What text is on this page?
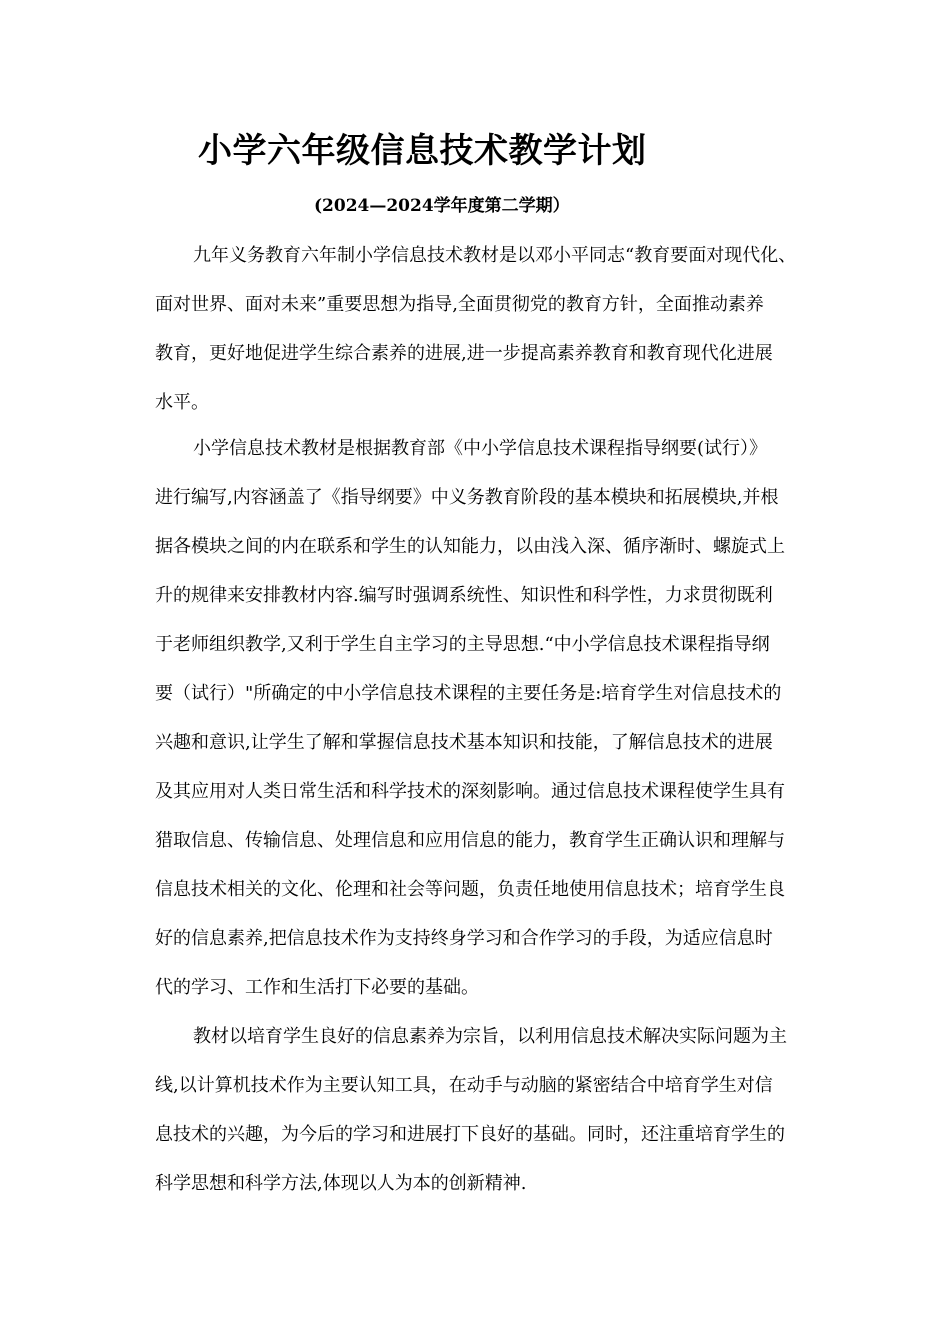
小学六年级信息技术教学计划
(2024—2024学年度第二学期）
九年义务教育六年制小学信息技术教材是以邓小平同志“教育要面对现代化、
面对世界、面对未来”重要思想为指导,全面贯彻党的教育方针，全面推动素养
教育，更好地促进学生综合素养的进展,进一步提高素养教育和教育现代化进展
水平。
小学信息技术教材是根据教育部《中小学信息技术课程指导纲要(试行）》
进行编写,内容涵盖了《指导纲要》中义务教育阶段的基本模块和拓展模块,并根
据各模块之间的内在联系和学生的认知能力，以由浅入深、循序渐时、螺旋式上
升的规律来安排教材内容.编写时强调系统性、知识性和科学性，力求贯彻既利
于老师组织教学,又利于学生自主学习的主导思想.“中小学信息技术课程指导纲
要（试行）"所确定的中小学信息技术课程的主要任务是:培育学生对信息技术的
兴趣和意识,让学生了解和掌握信息技术基本知识和技能，了解信息技术的进展
及其应用对人类日常生活和科学技术的深刻影响。通过信息技术课程使学生具有
猎取信息、传输信息、处理信息和应用信息的能力，教育学生正确认识和理解与
信息技术相关的文化、伦理和社会等问题，负责任地使用信息技术；培育学生良
好的信息素养,把信息技术作为支持终身学习和合作学习的手段，为适应信息时
代的学习、工作和生活打下必要的基础。
教材以培育学生良好的信息素养为宗旨，以利用信息技术解决实际问题为主
线,以计算机技术作为主要认知工具，在动手与动脑的紧密结合中培育学生对信
息技术的兴趣，为今后的学习和进展打下良好的基础。同时，还注重培育学生的
科学思想和科学方法,体现以人为本的创新精神.
